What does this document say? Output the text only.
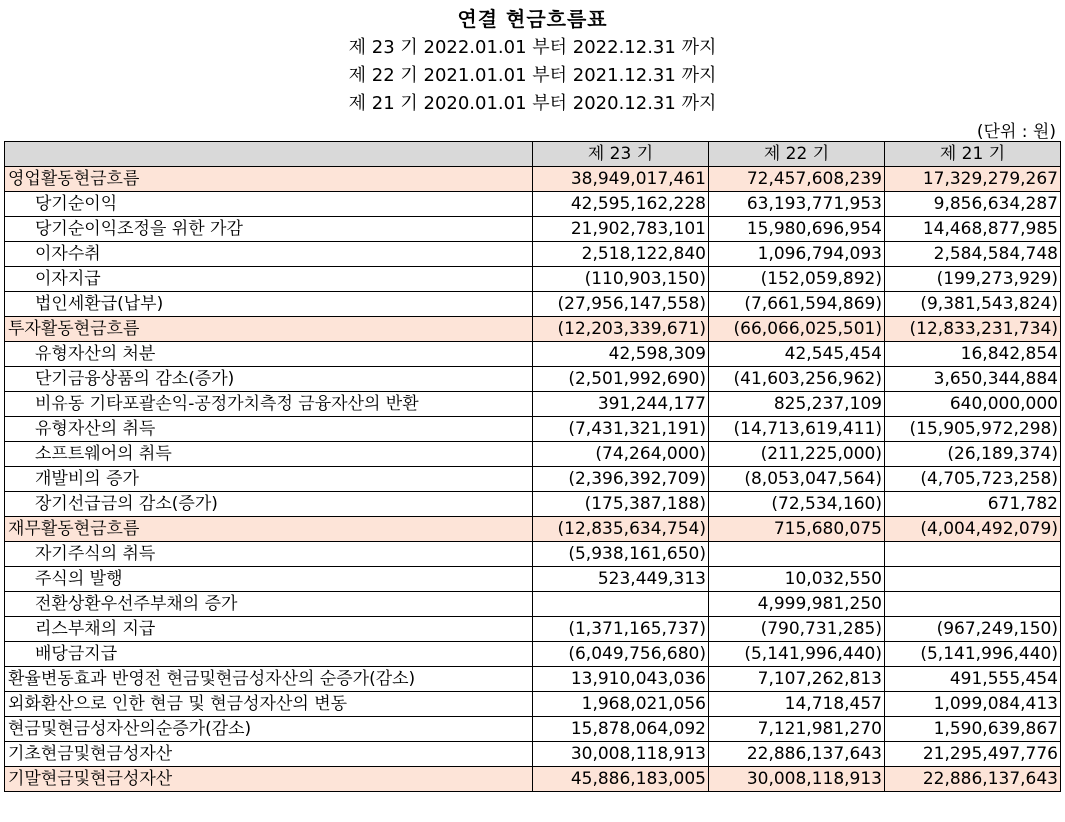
연결 현금흐름표
제 23 기 2022.01.01 부터 2022.12.31 까지
제 22 기 2021.01.01 부터 2021.12.31 까지
제 21 기 2020.01.01 부터 2020.12.31 까지
(단위 : 원)
	제 23 기	제 22 기	제 21 기
영업활동현금흐름	38,949,017,461	72,457,608,239	17,329,279,267
당기순이익	42,595,162,228	63,193,771,953	9,856,634,287
당기순이익조정을 위한 가감	21,902,783,101	15,980,696,954	14,468,877,985
이자수취	2,518,122,840	1,096,794,093	2,584,584,748
이자지급	(110,903,150)	(152,059,892)	(199,273,929)
법인세환급(납부)	(27,956,147,558)	(7,661,594,869)	(9,381,543,824)
투자활동현금흐름	(12,203,339,671)	(66,066,025,501)	(12,833,231,734)
유형자산의 처분	42,598,309	42,545,454	16,842,854
단기금융상품의 감소(증가)	(2,501,992,690)	(41,603,256,962)	3,650,344,884
비유동 기타포괄손익-공정가치측정 금융자산의 반환	391,244,177	825,237,109	640,000,000
유형자산의 취득	(7,431,321,191)	(14,713,619,411)	(15,905,972,298)
소프트웨어의 취득	(74,264,000)	(211,225,000)	(26,189,374)
개발비의 증가	(2,396,392,709)	(8,053,047,564)	(4,705,723,258)
장기선급금의 감소(증가)	(175,387,188)	(72,534,160)	671,782
재무활동현금흐름	(12,835,634,754)	715,680,075	(4,004,492,079)
자기주식의 취득	(5,938,161,650)		
주식의 발행	523,449,313	10,032,550	
전환상환우선주부채의 증가		4,999,981,250	
리스부채의 지급	(1,371,165,737)	(790,731,285)	(967,249,150)
배당금지급	(6,049,756,680)	(5,141,996,440)	(5,141,996,440)
환율변동효과 반영전 현금및현금성자산의 순증가(감소)	13,910,043,036	7,107,262,813	491,555,454
외화환산으로 인한 현금 및 현금성자산의 변동	1,968,021,056	14,718,457	1,099,084,413
현금및현금성자산의순증가(감소)	15,878,064,092	7,121,981,270	1,590,639,867
기초현금및현금성자산	30,008,118,913	22,886,137,643	21,295,497,776
기말현금및현금성자산	45,886,183,005	30,008,118,913	22,886,137,643
